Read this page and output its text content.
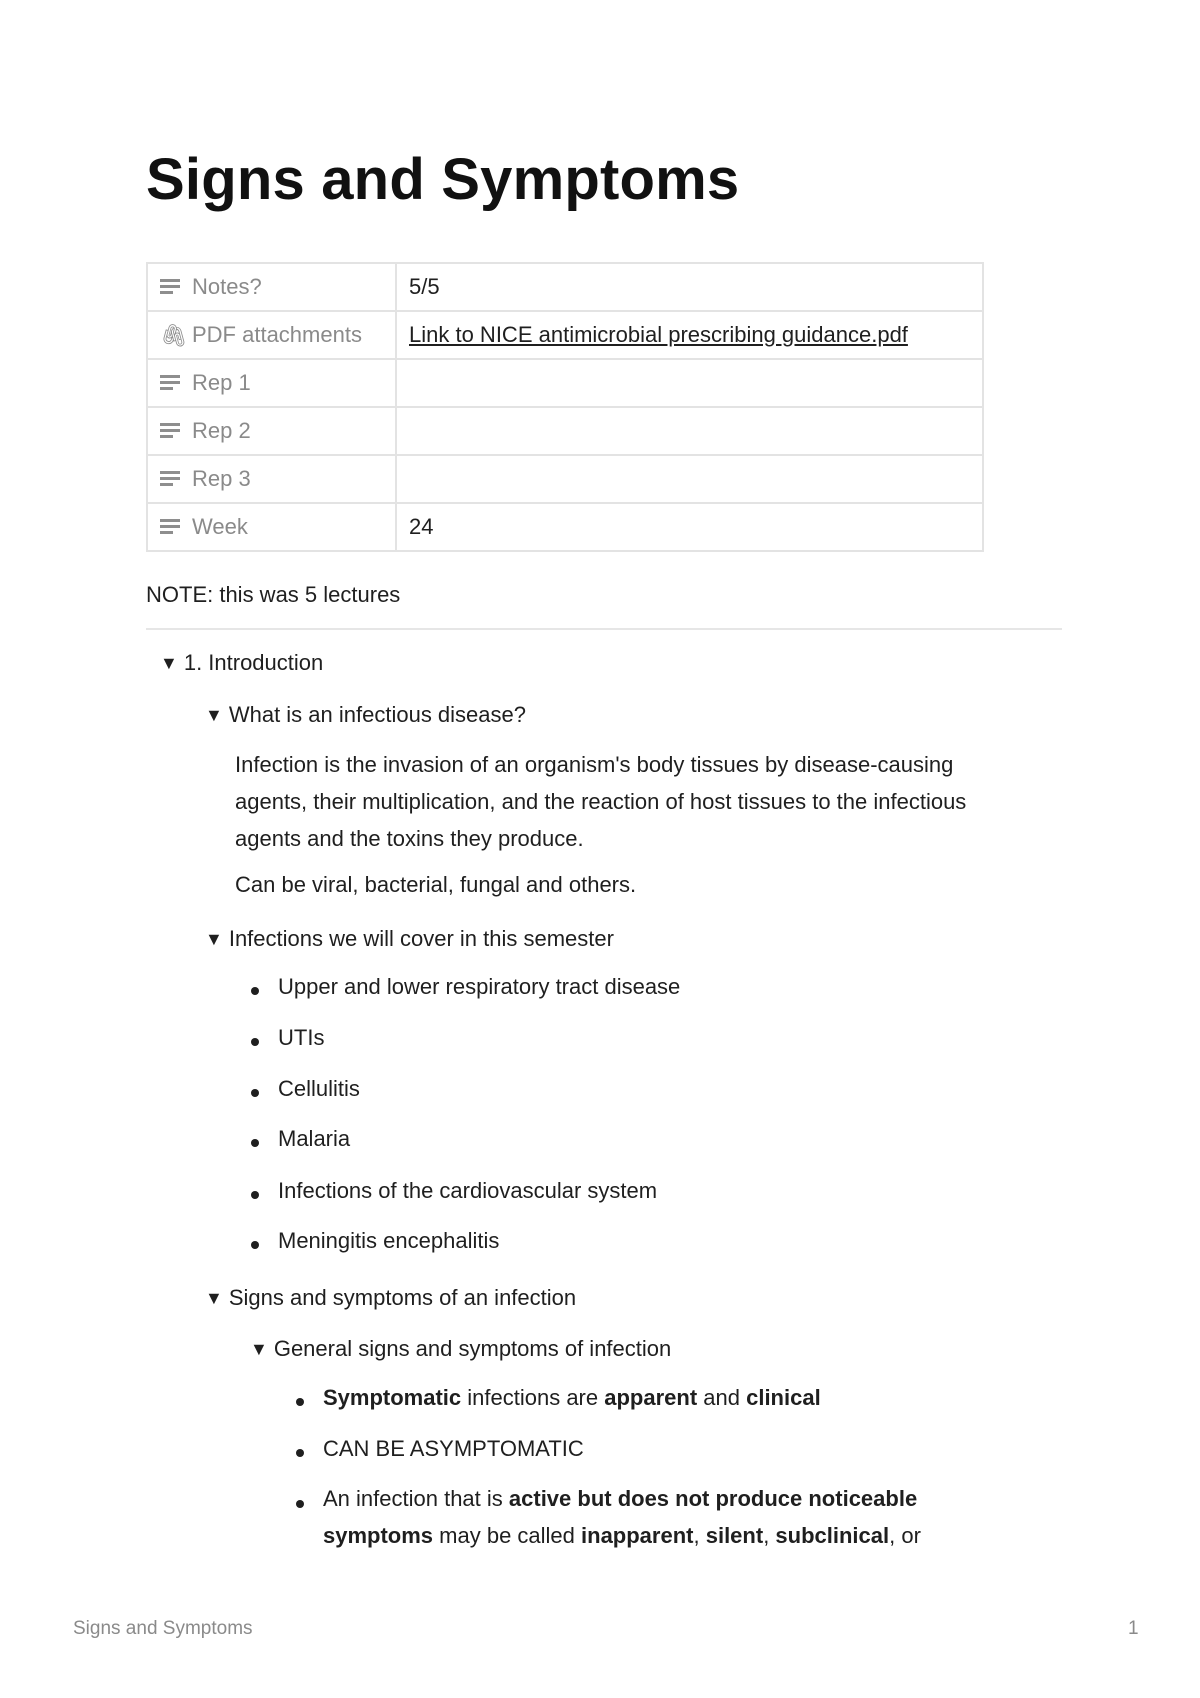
Signs and Symptoms
Notes?	5/5
🖇 PDF attachments	Link to NICE antimicrobial prescribing guidance.pdf

Rep 1	

Rep 2	

Rep 3	

Week	24
NOTE: this was 5 lectures
▼ 1. Introduction
▼ What is an infectious disease?
Infection is the invasion of an organism's body tissues by disease-causing
agents, their multiplication, and the reaction of host tissues to the infectious
agents and the toxins they produce.
Can be viral, bacterial, fungal and others.
▼ Infections we will cover in this semester
Upper and lower respiratory tract disease
UTIs
Cellulitis
Malaria
Infections of the cardiovascular system
Meningitis encephalitis
▼ Signs and symptoms of an infection
▼ General signs and symptoms of infection
Symptomatic infections are apparent and clinical
CAN BE ASYMPTOMATIC
An infection that is active but does not produce noticeable
symptoms may be called inapparent, silent, subclinical, or
Signs and Symptoms	1
